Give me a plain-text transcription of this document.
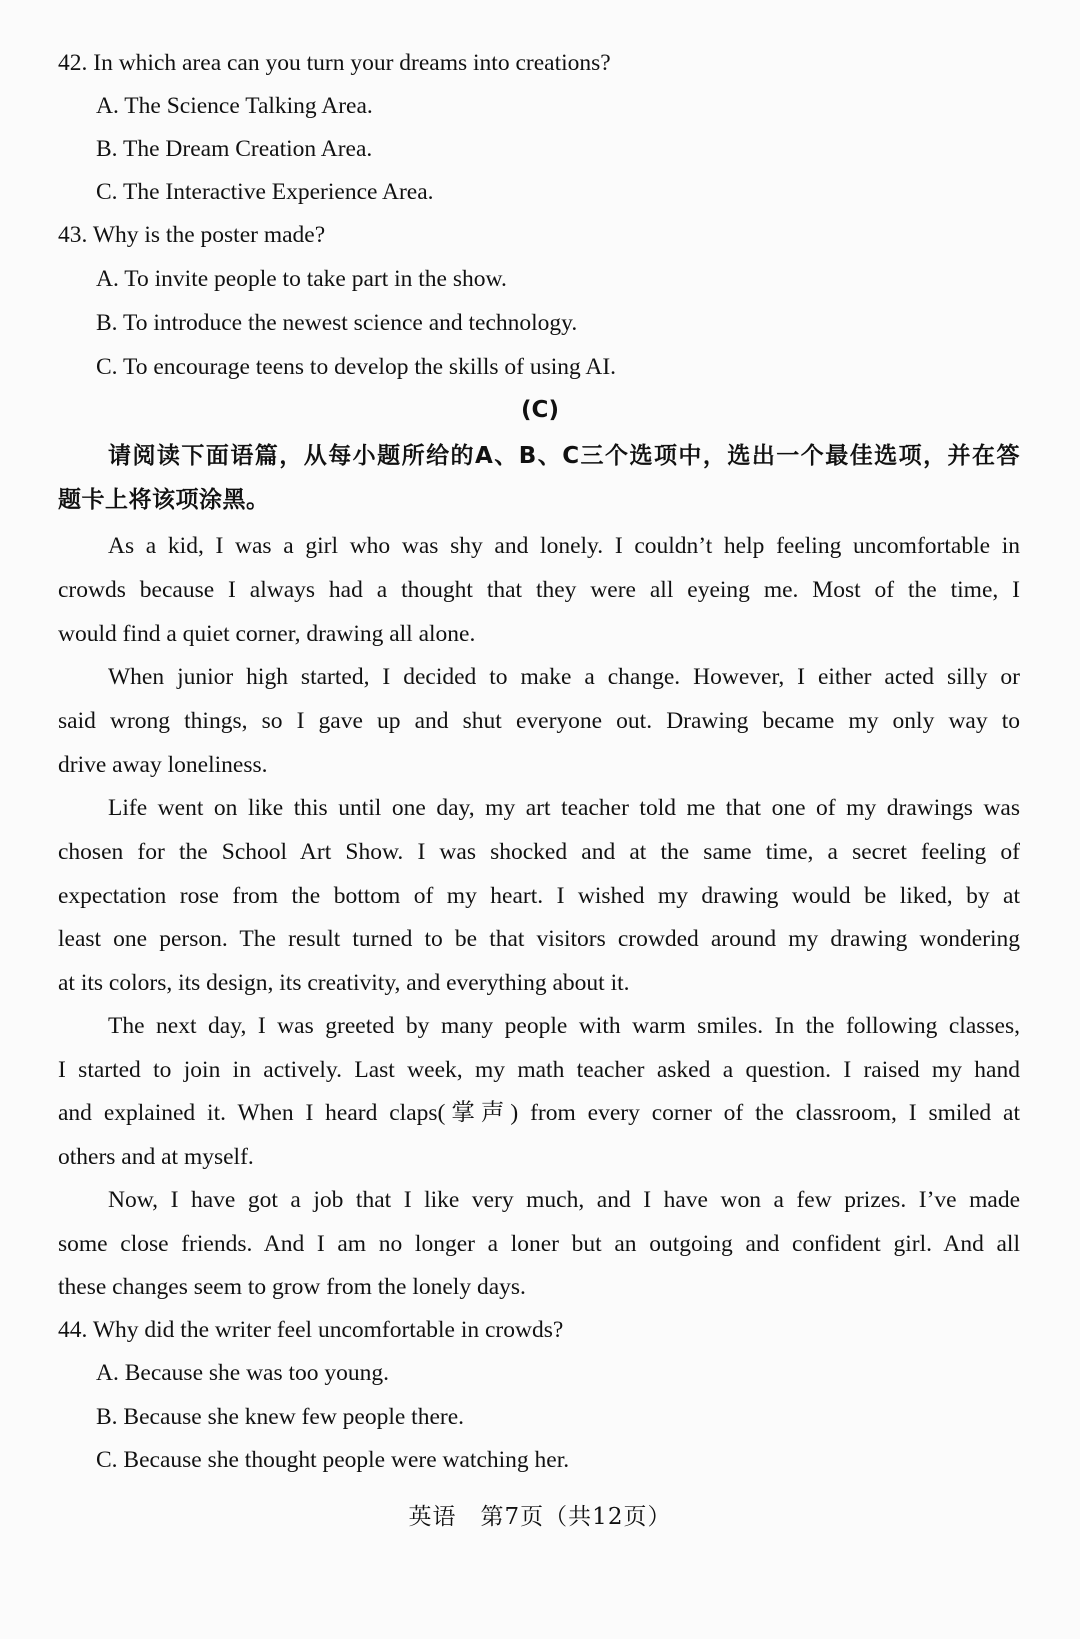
42. In which area can you turn your dreams into creations?
A. The Science Talking Area.
B. The Dream Creation Area.
C. The Interactive Experience Area.
43. Why is the poster made?
A. To invite people to take part in the show.
B. To introduce the newest science and technology.
C. To encourage teens to develop the skills of using AI.
(C)
请阅读下面语篇，从每小题所给的A、B、C三个选项中，选出一个最佳选项，并在答
题卡上将该项涂黑。
As a kid, I was a girl who was shy and lonely. I couldn’t help feeling uncomfortable in
crowds because I always had a thought that they were all eyeing me. Most of the time, I
would find a quiet corner, drawing all alone.
When junior high started, I decided to make a change. However, I either acted silly or
said wrong things, so I gave up and shut everyone out. Drawing became my only way to
drive away loneliness.
Life went on like this until one day, my art teacher told me that one of my drawings was
chosen for the School Art Show. I was shocked and at the same time, a secret feeling of
expectation rose from the bottom of my heart. I wished my drawing would be liked, by at
least one person. The result turned to be that visitors crowded around my drawing wondering
at its colors, its design, its creativity, and everything about it.
The next day, I was greeted by many people with warm smiles. In the following classes,
I started to join in actively. Last week, my math teacher asked a question. I raised my hand
and explained it. When I heard claps(掌声) from every corner of the classroom, I smiled at
others and at myself.
Now, I have got a job that I like very much, and I have won a few prizes. I’ve made
some close friends. And I am no longer a loner but an outgoing and confident girl. And all
these changes seem to grow from the lonely days.
44. Why did the writer feel uncomfortable in crowds?
A. Because she was too young.
B. Because she knew few people there.
C. Because she thought people were watching her.
英语　第7页（共12页）
